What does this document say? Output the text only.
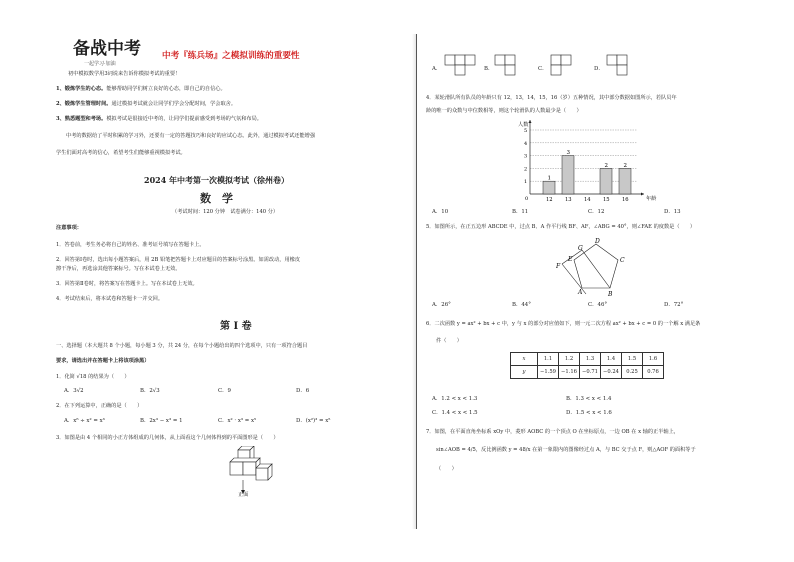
备战中考
一起学习·加油
中考『练兵场』之模拟训练的重要性
初中模拟数学用3词说来告诉你模拟考试的重要！
1、锻炼学生的心态。能够帮助同学们树立良好的心态，即自己的自信心。
2、锻炼学生管理时间。通过模拟考试就会让同学们学会分配时间，学会取舍。
3、熟悉题型和考场。模拟考试是很接近中考的，让同学们提前感受到考场的气氛和布局。
中考的数据给了平时积累的学习外，还要有一定的答题技巧和良好的应试心态。此外，通过模拟考试还能增强
学生们面对高考的信心，希望考生们能够重视模拟考试。
2024 年中考第一次模拟考试（徐州卷）
数　学
（考试时间：120 分钟　试卷满分：140 分）
注意事项：
1．答卷前，考生务必将自己的姓名、准考证号填写在答题卡上。
2．回答第Ⅰ卷时，选出每小题答案后，用 2B 铅笔把答题卡上对应题目的答案标号涂黑。如需改动，用橡皮
擦干净后，再选涂其他答案标号。写在本试卷上无效。
3．回答第Ⅱ卷时，将答案写在答题卡上。写在本试卷上无效。
4．考试结束后，将本试卷和答题卡一并交回。
第 I 卷
一、选择题（本大题共 8 个小题，每小题 3 分，共 24 分，在每个小题给出的四个选项中，只有一项符合题目
要求，请选出并在答题卡上将该项涂黑）
1．化简 √18 的结果为（　　）
A．3√2	B．2√3	C．9	D．6
2．在下列运算中，正确的是（　　）
A．x⁶ ÷ x² = x³	B．2x³ − x³ = 1	C．x² · x³ = x⁵	D．(x²)³ = x⁵
3．如图是由 4 个相同的小正方体组成的几何体，从上面看这个几何体得到的平面图形是（　　）
正面
A．	B．	C．	D．
4．某轮滑队所有队员的年龄只有 12，13，14，15，16（岁）五种情况，其中部分数据如图所示，若队员年
龄的唯一的众数与中位数相等，则这个轮滑队的人数最少是（　　）
1
2
3
4
5
人数
年龄
0
1
12
3
13 14
2
15
2
16
A．10	B．11	C．12	D．13
5．如图所示，在正五边形 ABCDE 中，过点 B、A 作平行线 BF、AF，∠ABG = 40°，则∠FAE 的度数是（　　）
D
G
E	C
F
A	B
A．26°	B．44°	C．46°	D．72°
6．二次函数 y = ax² + bx + c 中，y 与 x 的部分对应值如下，则一元二次方程 ax² + bx + c = 0 的一个解 x 满足条
件（　　）
x	1.1	1.2	1.3	1.4	1.5	1.6
y	−1.59	−1.16	−0.71	−0.24	0.25	0.76
A．1.2 < x < 1.3	B．1.3 < x < 1.4
C．1.4 < x < 1.5	D．1.5 < x < 1.6
7．如图，在平面直角坐标系 xOy 中，菱形 AOBC 的一个顶点 O 在坐标原点，一边 OB 在 x 轴的正半轴上，
sin∠AOB = 4/5，反比例函数 y = 48/x 在第一象限内的图像经过点 A，与 BC 交于点 F，则△AOF 的面积等于
（　　）
